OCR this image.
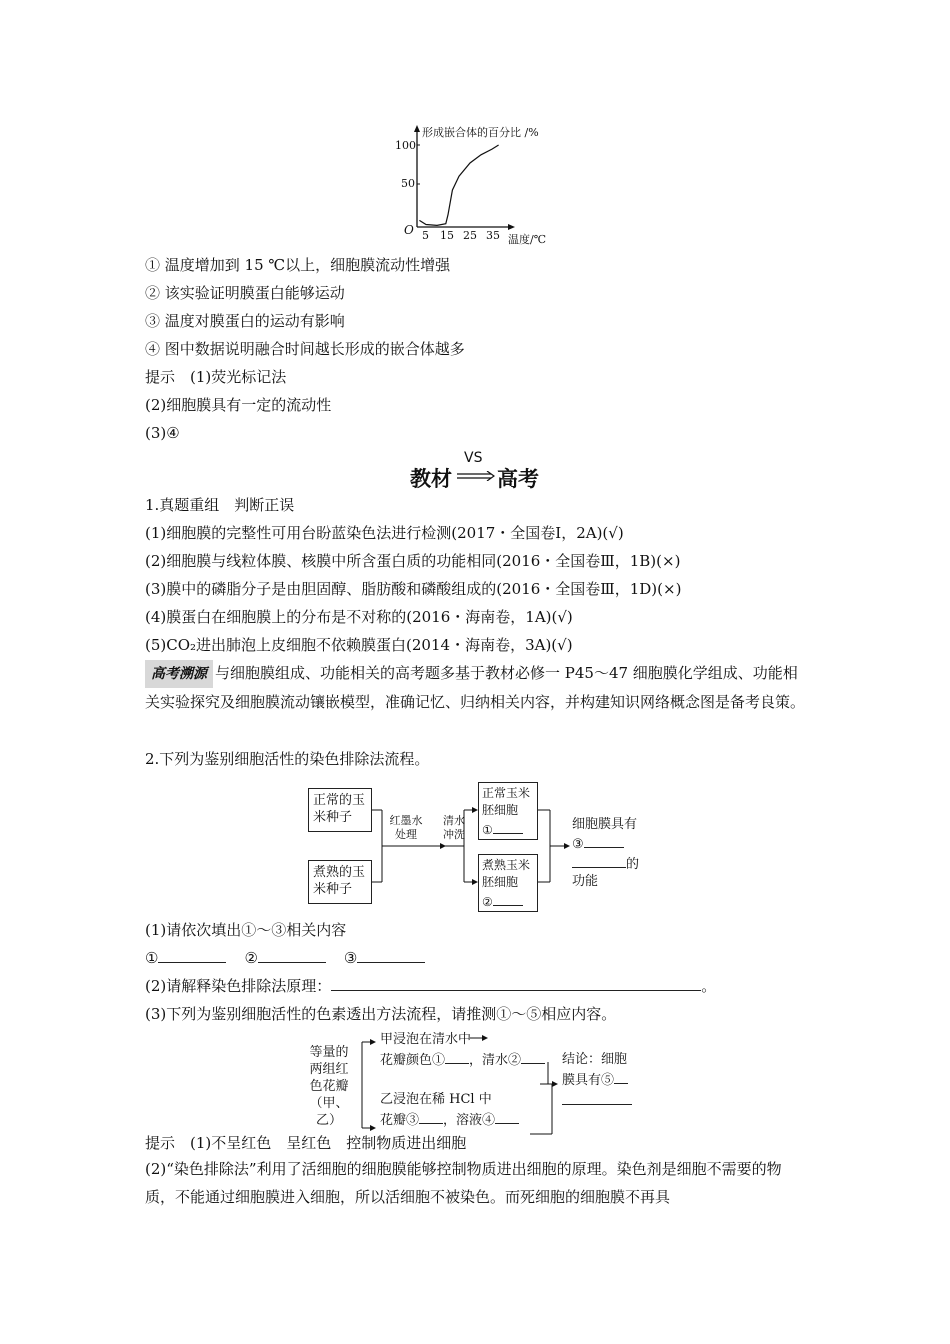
形成嵌合体的百分比 /%
温度/℃
O
100
50
5 15 25 35
① 温度增加到 15 ℃以上，细胞膜流动性增强
② 该实验证明膜蛋白能够运动
③ 温度对膜蛋白的运动有影响
④ 图中数据说明融合时间越长形成的嵌合体越多
提示　(1)荧光标记法
(2)细胞膜具有一定的流动性
(3)④
教材
VS
高考
1.真题重组　判断正误
(1)细胞膜的完整性可用台盼蓝染色法进行检测(2017・全国卷Ⅰ，2A)(√)
(2)细胞膜与线粒体膜、核膜中所含蛋白质的功能相同(2016・全国卷Ⅲ，1B)(×)
(3)膜中的磷脂分子是由胆固醇、脂肪酸和磷酸组成的(2016・全国卷Ⅲ，1D)(×)
(4)膜蛋白在细胞膜上的分布是不对称的(2016・海南卷，1A)(√)
(5)CO₂进出肺泡上皮细胞不依赖膜蛋白(2014・海南卷，3A)(√)
高考溯源 与细胞膜组成、功能相关的高考题多基于教材必修一 P45～47 细胞膜化学组成、功能相关实验探究及细胞膜流动镶嵌模型，准确记忆、归纳相关内容，并构建知识网络概念图是备考良策。
2.下列为鉴别细胞活性的染色排除法流程。
正常的玉米种子
煮熟的玉米种子
红墨水处理
清水冲洗
正常玉米胚细胞
①
煮熟玉米胚细胞
②
细胞膜具有
③
的
功能
(1)请依次填出①～③相关内容
①	②	③
(2)请解释染色排除法原理：	。
(3)下列为鉴别细胞活性的色素透出方法流程，请推测①～⑤相应内容。
等量的
两组红
色花瓣
（甲、乙）
甲浸泡在清水中
花瓣颜色① ，清水②
乙浸泡在稀 HCl 中
花瓣③ ，溶液④
结论：细胞
膜具有⑤
提示　(1)不呈红色　呈红色　控制物质进出细胞
(2)“染色排除法”利用了活细胞的细胞膜能够控制物质进出细胞的原理。染色剂是细胞不需要的物质，不能通过细胞膜进入细胞，所以活细胞不被染色。而死细胞的细胞膜不再具
